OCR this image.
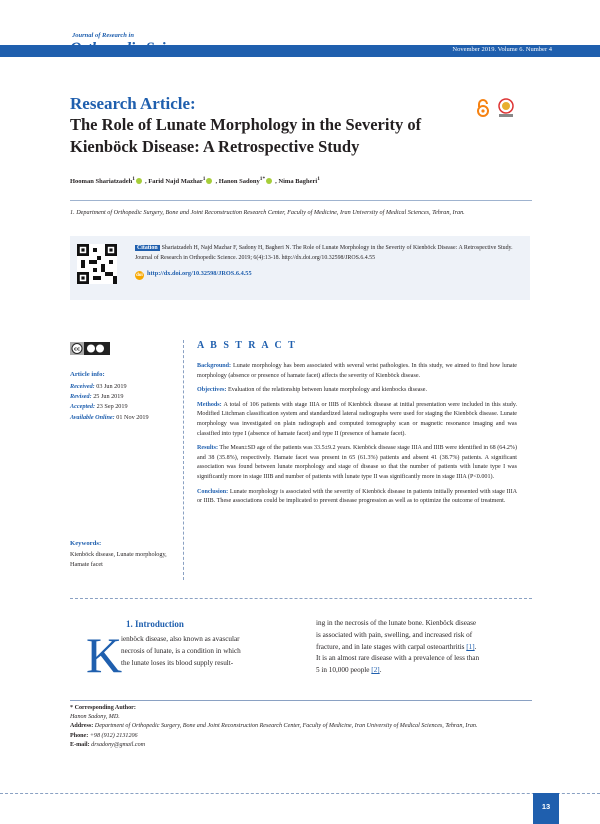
Journal of Research in
November 2019. Volume 6. Number 4
Research Article:
The Role of Lunate Morphology in the Severity of Kienböck Disease: A Retrospective Study
Hooman Shariatzadeh$^1$ , Farid Najd Mazhar$^1$ , Hanon Sadony$^{1*}$ , Nima Bagheri$^1$
1. Department of Orthopedic Surgery, Bone and Joint Reconstruction Research Center, Faculty of Medicine, Iran University of Medical Sciences, Tehran, Iran.
Citation Shariatzadeh H, Najd Mazhar F, Sadony H, Bagheri N. The Role of Lunate Morphology in the Severity of Kienböck Disease: A Retrospective Study. Journal of Research in Orthopedic Science. 2019; 6(4):13-18. http://dx.doi.org/10.32598/JROS.6.4.55
doi http://dx.doi.org/10.32598/JROS.6.4.55
cc
Article info:
Received: 03 Jun 2019
Revised: 25 Jun 2019
Accepted: 23 Sep 2019
Available Online: 01 Nov 2019
Keywords:
Kienböck disease, Lunate morphology, Hamate facet
A B S T R A C T

Background: Lunate morphology has been associated with several wrist pathologies. In this study, we aimed to find how lunate morphology (absence or presence of hamate facet) affects the severity of Kienböck disease.

Objectives: Evaluation of the relationship between lunate morphology and kienbocks disease.

Methods: A total of 106 patients with stage IIIA or IIIB of Kienböck disease at initial presentation were included in this study. Modified Litchman classification system and standardized lateral radiographs were used for staging the Kienböck disease. Lunate morphology was investigated on plain radiograph and computed tomography scan or magnetic resonance imaging and was classified into type I (absence of hamate facet) and type II (presence of hamate facet).

Results: The Mean±SD age of the patients was 33.5±9.2 years. Kienböck disease stage IIIA and IIIB were identified in 68 (64.2%) and 38 (35.8%), respectively. Hamate facet was present in 65 (61.3%) patients and absent 41 (38.7%) patients. A significant association was found between lunate morphology and stage of disease so that the number of patients with lunate type I was significantly more in stage IIIB and number of patients with lunate type II was significantly more in stage IIIA (P<0.001).

Conclusion: Lunate morphology is associated with the severity of Kienböck disease in patients initially presented with stage IIIA or IIIB. These associations could be implicated to prevent disease progression as well as to optimize the outcome of treatment.

1. Introduction
K
ienböck disease, also known as avascular
necrosis of lunate, is a condition in which
the lunate loses its blood supply result-
ing in the necrosis of the lunate bone. Kienböck disease
is associated with pain, swelling, and increased risk of
fracture, and in late stages with carpal osteoarthritis [1].
It is an almost rare disease with a prevalence of less than
5 in 10,000 people [2].
* Corresponding Author:
Hanon Sadony, MD.
Address: Department of Orthopedic Surgery, Bone and Joint Reconstruction Research Center, Faculty of Medicine, Iran University of Medical Sciences, Tehran, Iran.
Phone: +98 (912) 2131206
E-mail: drsadony@gmail.com
13
